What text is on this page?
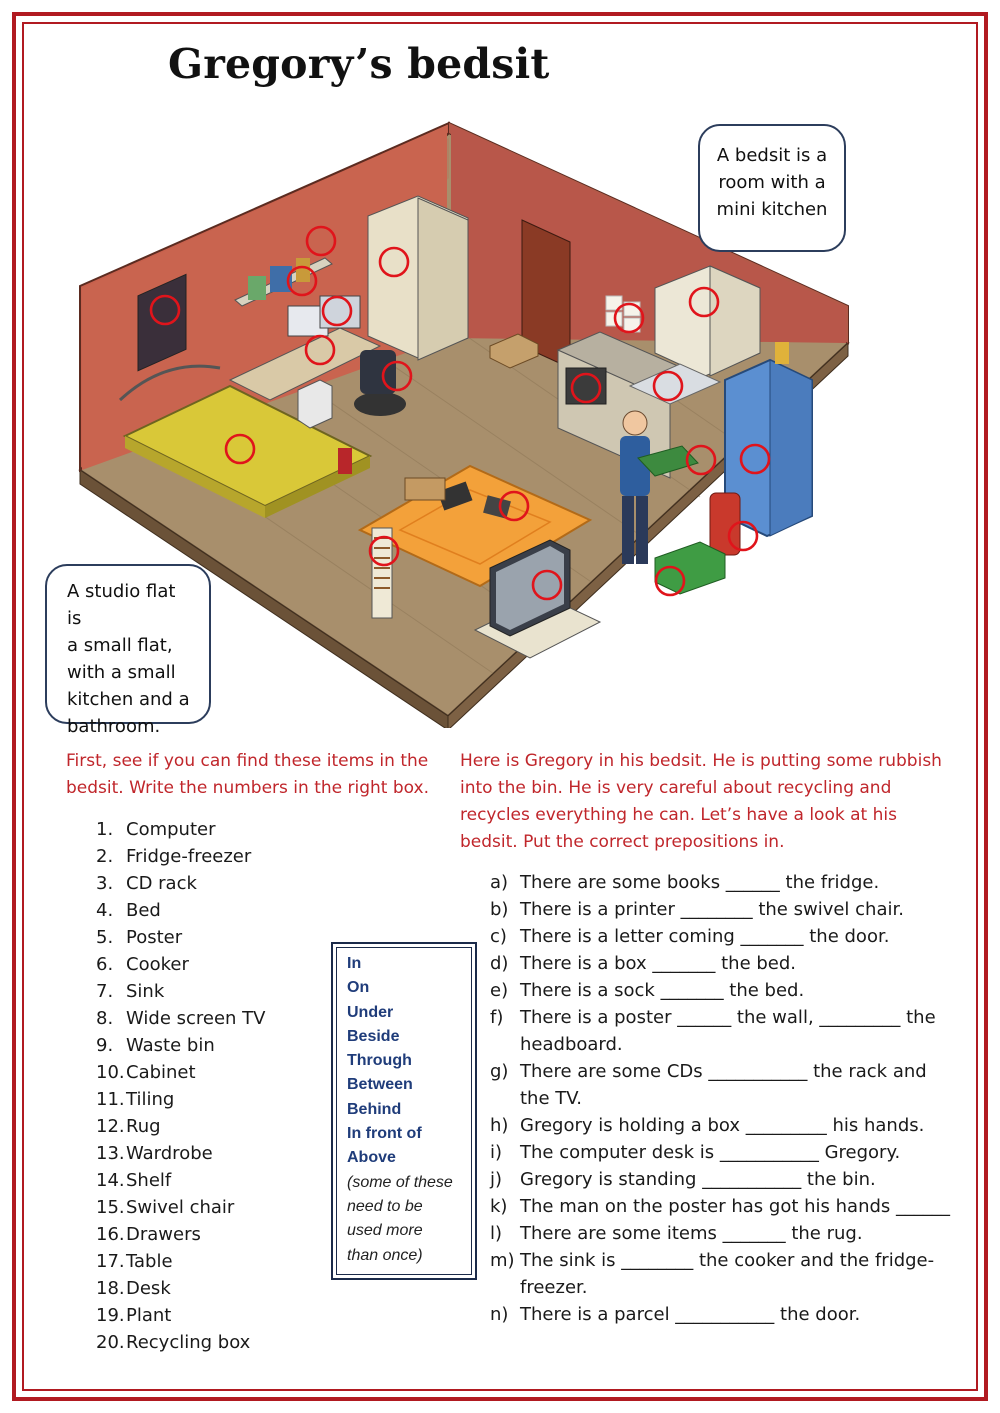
Gregory’s bedsit
A bedsit is a
room with a
mini kitchen
A studio flat is
a small flat,
with a small
kitchen and a
bathroom.
First, see if you can find these items in the
bedsit. Write the numbers in the right box.
Here is Gregory in his bedsit. He is putting some rubbish
into the bin. He is very careful about recycling and
recycles everything he can. Let’s have a look at his
bedsit. Put the correct prepositions in.
1. Computer
2. Fridge-freezer
3. CD rack
4. Bed
5. Poster
6. Cooker
7. Sink
8. Wide screen TV
9. Waste bin
10.Cabinet
11.Tiling
12.Rug
13.Wardrobe
14.Shelf
15.Swivel chair
16.Drawers
17.Table
18.Desk
19.Plant
20.Recycling box
In
On
Under
Beside
Through
Between
Behind
In front of
Above
(some of these
need to be
used more
than once)
a) There are some books ______ the fridge.
b) There is a printer ________ the swivel chair.
c) There is a letter coming _______ the door.
d) There is a box _______ the bed.
e) There is a sock _______ the bed.
f) There is a poster ______ the wall, _________ the
headboard.
g) There are some CDs ___________ the rack and
the TV.
h) Gregory is holding a box _________ his hands.
i) The computer desk is ___________ Gregory.
j) Gregory is standing ___________ the bin.
k) The man on the poster has got his hands ______
l) There are some items _______ the rug.
m) The sink is ________ the cooker and the fridge-
freezer.
n) There is a parcel ___________ the door.
